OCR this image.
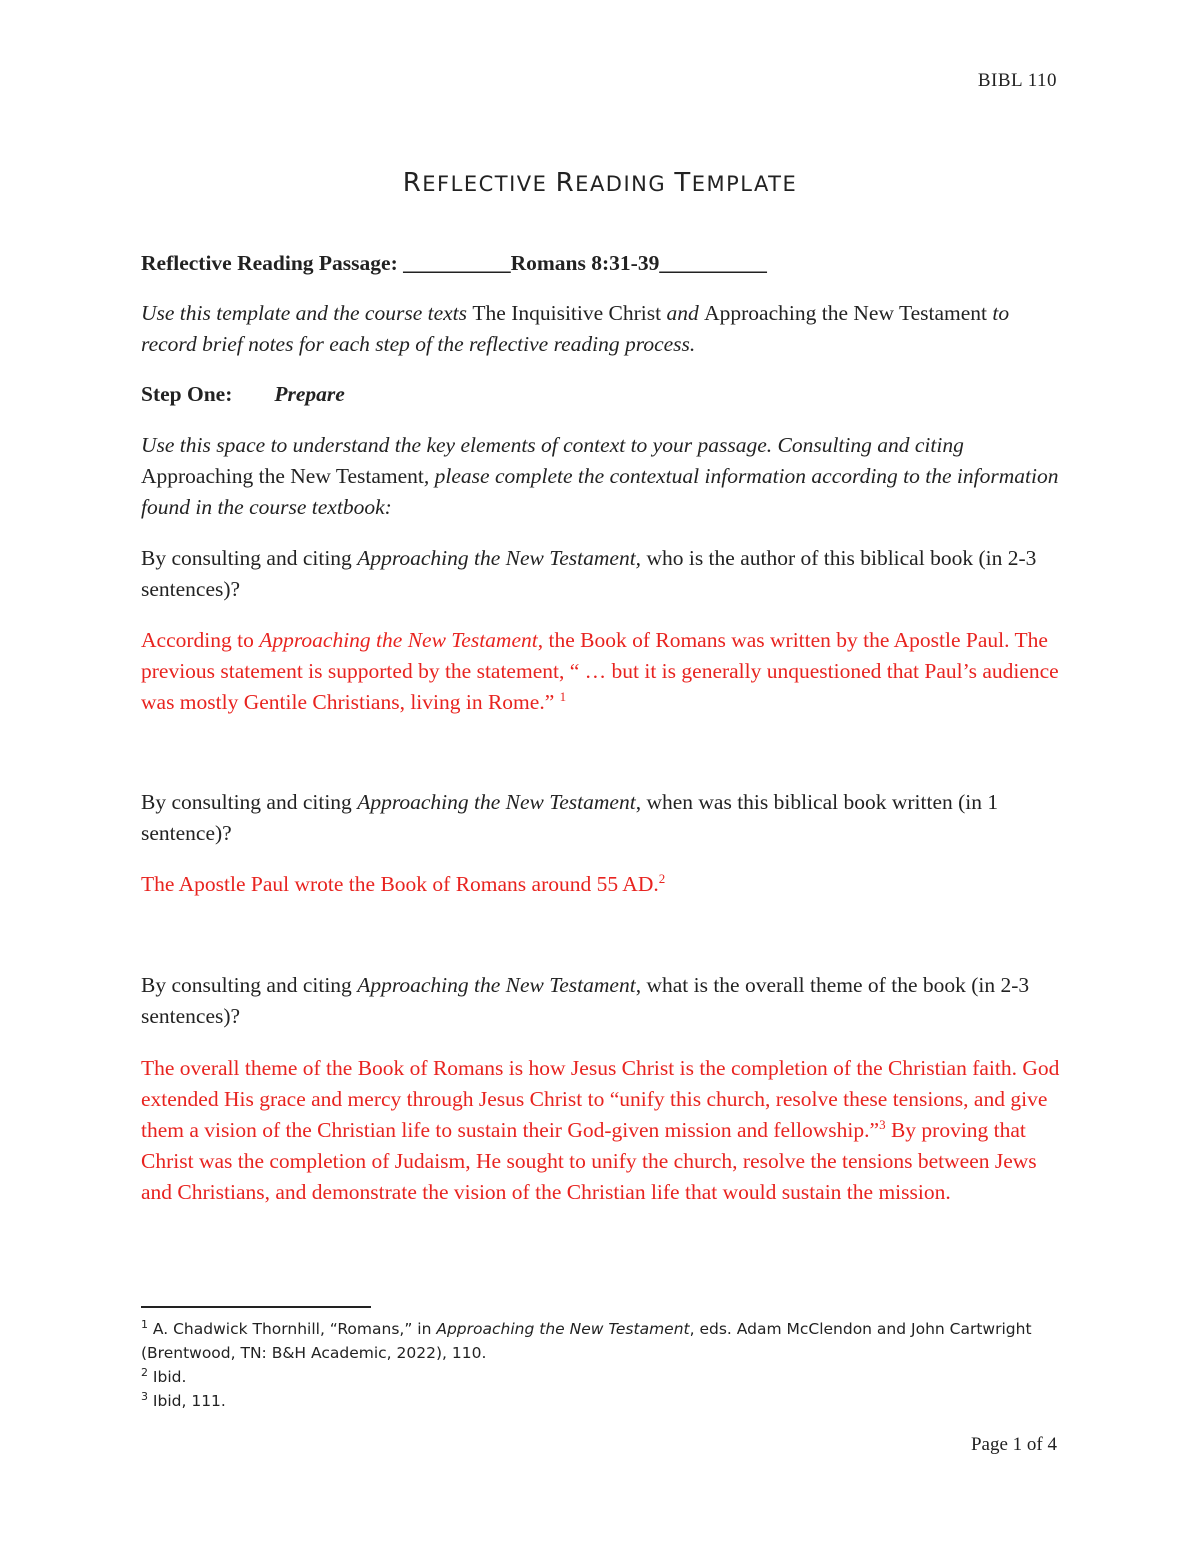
BIBL 110
REFLECTIVE READING TEMPLATE

Reflective Reading Passage: __________Romans 8:31-39__________

Use this template and the course texts The Inquisitive Christ and Approaching the New Testament to record brief notes for each step of the reflective reading process.

Step One: Prepare

Use this space to understand the key elements of context to your passage. Consulting and citing Approaching the New Testament, please complete the contextual information according to the information found in the course textbook:

By consulting and citing Approaching the New Testament, who is the author of this biblical book (in 2-3 sentences)?

According to Approaching the New Testament, the Book of Romans was written by the Apostle Paul. The previous statement is supported by the statement, “ … but it is generally unquestioned that Paul’s audience was mostly Gentile Christians, living in Rome.” $^1$

By consulting and citing Approaching the New Testament, when was this biblical book written (in 1 sentence)?

The Apostle Paul wrote the Book of Romans around 55 AD.$^2$

By consulting and citing Approaching the New Testament, what is the overall theme of the book (in 2-3 sentences)?

The overall theme of the Book of Romans is how Jesus Christ is the completion of the Christian faith. God extended His grace and mercy through Jesus Christ to “unify this church, resolve these tensions, and give them a vision of the Christian life to sustain their God-given mission and fellowship.”$^3$ By proving that Christ was the completion of Judaism, He sought to unify the church, resolve the tensions between Jews and Christians, and demonstrate the vision of the Christian life that would sustain the mission.

$^1$ A. Chadwick Thornhill, “Romans,” in Approaching the New Testament, eds. Adam McClendon and John Cartwright (Brentwood, TN: B&H Academic, 2022), 110.

$^2$ Ibid.

$^3$ Ibid, 111.

Page 1 of 4
